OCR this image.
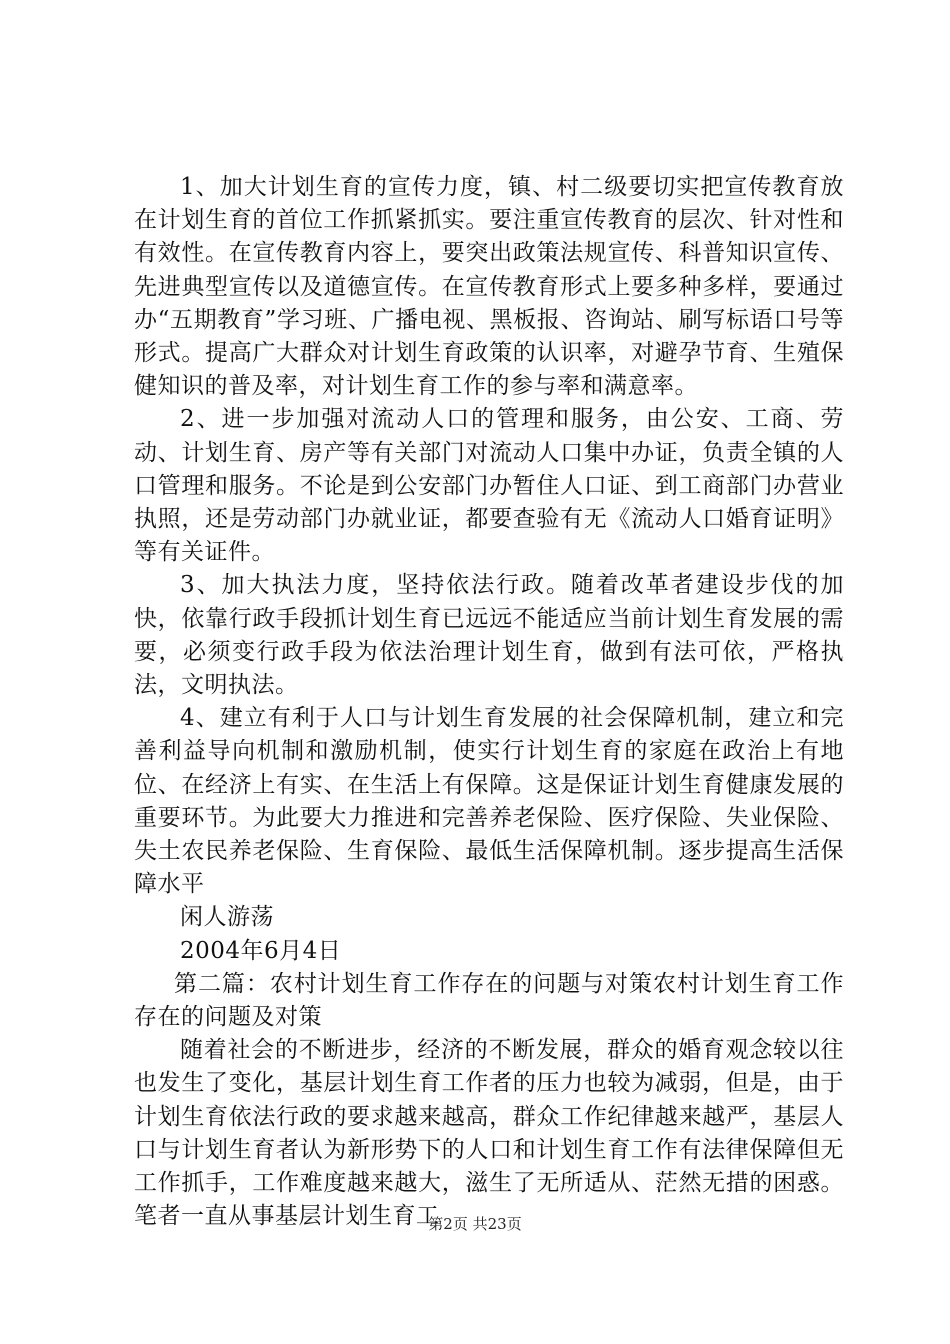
1、加大计划生育的宣传力度，镇、村二级要切实把宣传教育放在计划生育的首位工作抓紧抓实。要注重宣传教育的层次、针对性和有效性。在宣传教育内容上，要突出政策法规宣传、科普知识宣传、先进典型宣传以及道德宣传。在宣传教育形式上要多种多样，要通过办“五期教育”学习班、广播电视、黑板报、咨询站、刷写标语口号等形式。提高广大群众对计划生育政策的认识率，对避孕节育、生殖保健知识的普及率，对计划生育工作的参与率和满意率。

2、进一步加强对流动人口的管理和服务，由公安、工商、劳动、计划生育、房产等有关部门对流动人口集中办证，负责全镇的人口管理和服务。不论是到公安部门办暂住人口证、到工商部门办营业执照，还是劳动部门办就业证，都要查验有无《流动人口婚育证明》等有关证件。

3、加大执法力度，坚持依法行政。随着改革者建设步伐的加快，依靠行政手段抓计划生育已远远不能适应当前计划生育发展的需要，必须变行政手段为依法治理计划生育，做到有法可依，严格执法，文明执法。

4、建立有利于人口与计划生育发展的社会保障机制，建立和完善利益导向机制和激励机制，使实行计划生育的家庭在政治上有地位、在经济上有实、在生活上有保障。这是保证计划生育健康发展的重要环节。为此要大力推进和完善养老保险、医疗保险、失业保险、失土农民养老保险、生育保险、最低生活保障机制。逐步提高生活保障水平

闲人游荡

2004年6月4日

第二篇：农村计划生育工作存在的问题与对策农村计划生育工作存在的问题及对策

随着社会的不断进步，经济的不断发展，群众的婚育观念较以往也发生了变化，基层计划生育工作者的压力也较为减弱，但是，由于计划生育依法行政的要求越来越高，群众工作纪律越来越严，基层人口与计划生育者认为新形势下的人口和计划生育工作有法律保障但无工作抓手，工作难度越来越大，滋生了无所适从、茫然无措的困惑。笔者一直从事基层计划生育工

第2页 共23页
